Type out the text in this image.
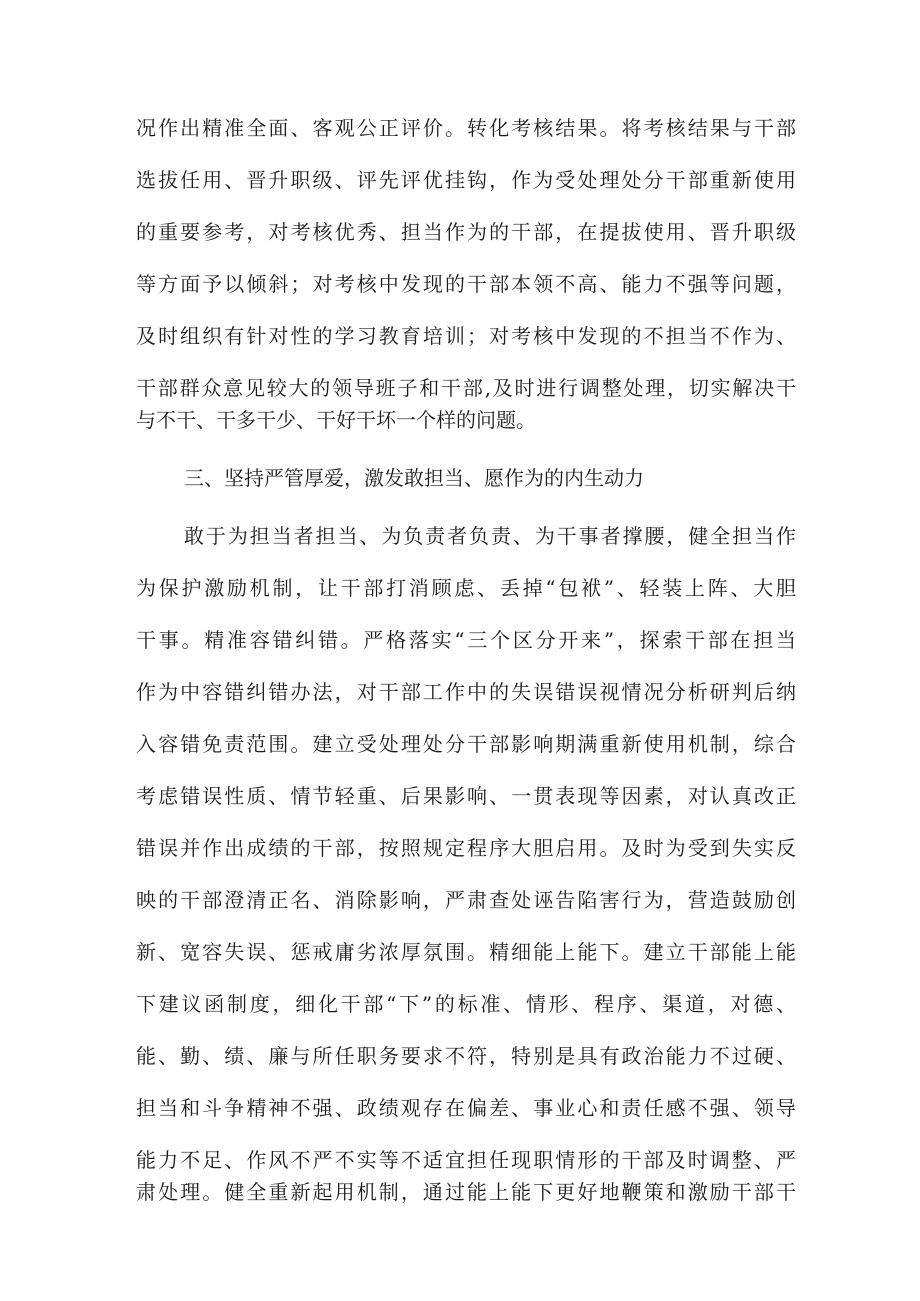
况作出精准全面、客观公正评价。转化考核结果。将考核结果与干部

选拔任用、晋升职级、评先评优挂钩，作为受处理处分干部重新使用

的重要参考，对考核优秀、担当作为的干部，在提拔使用、晋升职级

等方面予以倾斜；对考核中发现的干部本领不高、能力不强等问题，

及时组织有针对性的学习教育培训；对考核中发现的不担当不作为、

干部群众意见较大的领导班子和干部,及时进行调整处理，切实解决干

与不干、干多干少、干好干坏一个样的问题。

三、坚持严管厚爱，激发敢担当、愿作为的内生动力

敢于为担当者担当、为负责者负责、为干事者撑腰，健全担当作

为保护激励机制，让干部打消顾虑、丢掉“包袱”、轻装上阵、大胆

干事。精准容错纠错。严格落实“三个区分开来”，探索干部在担当

作为中容错纠错办法，对干部工作中的失误错误视情况分析研判后纳

入容错免责范围。建立受处理处分干部影响期满重新使用机制，综合

考虑错误性质、情节轻重、后果影响、一贯表现等因素，对认真改正

错误并作出成绩的干部，按照规定程序大胆启用。及时为受到失实反

映的干部澄清正名、消除影响，严肃查处诬告陷害行为，营造鼓励创

新、宽容失误、惩戒庸劣浓厚氛围。精细能上能下。建立干部能上能

下建议函制度，细化干部“下”的标准、情形、程序、渠道，对德、

能、勤、绩、廉与所任职务要求不符，特别是具有政治能力不过硬、

担当和斗争精神不强、政绩观存在偏差、事业心和责任感不强、领导

能力不足、作风不严不实等不适宜担任现职情形的干部及时调整、严

肃处理。健全重新起用机制，通过能上能下更好地鞭策和激励干部干
